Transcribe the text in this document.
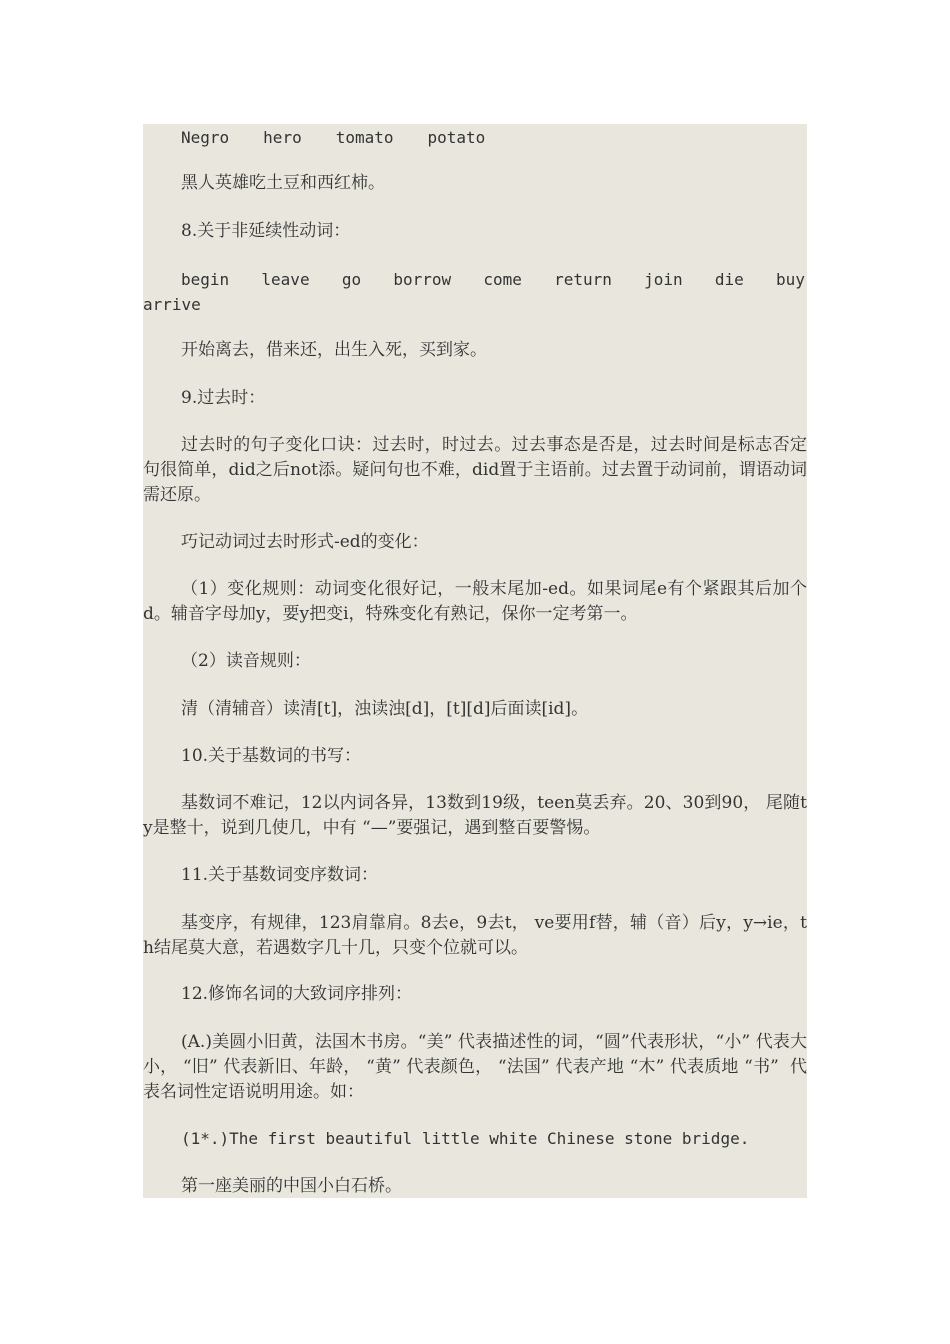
Negro hero tomato potato

黑人英雄吃土豆和西红柿。

8.关于非延续性动词：

begin leave go borrow come return join die buy

arrive

开始离去，借来还，出生入死，买到家。

9.过去时：

过去时的句子变化口诀：过去时，时过去。过去事态是否是，过去时间是标志否定句很简单，did之后not添。疑问句也不难，did置于主语前。过去置于动词前，谓语动词需还原。

巧记动词过去时形式-ed的变化：

（1）变化规则：动词变化很好记，一般末尾加-ed。如果词尾e有个紧跟其后加个d。辅音字母加y，要y把变i，特殊变化有熟记，保你一定考第一。

（2）读音规则：

清（清辅音）读清[t]，浊读浊[d]，[t][d]后面读[id]。

10.关于基数词的书写：

基数词不难记，12以内词各异，13数到19级，teen莫丢弃。20、30到90， 尾随ty是整十，说到几使几，中有 “—”要强记，遇到整百要警惕。

11.关于基数词变序数词：

基变序，有规律，123肩靠肩。8去e，9去t， ve要用f替，辅（音）后y，y→ie，th结尾莫大意，若遇数字几十几，只变个位就可以。

12.修饰名词的大致词序排列：

(A.)美圆小旧黄，法国木书房。“美” 代表描述性的词，“圆”代表形状，“小” 代表大小， “旧” 代表新旧、年龄， “黄” 代表颜色， “法国” 代表产地 “木” 代表质地 “书”  代表名词性定语说明用途。如：

(1*.)The first beautiful little white Chinese stone bridge.

第一座美丽的中国小白石桥。
